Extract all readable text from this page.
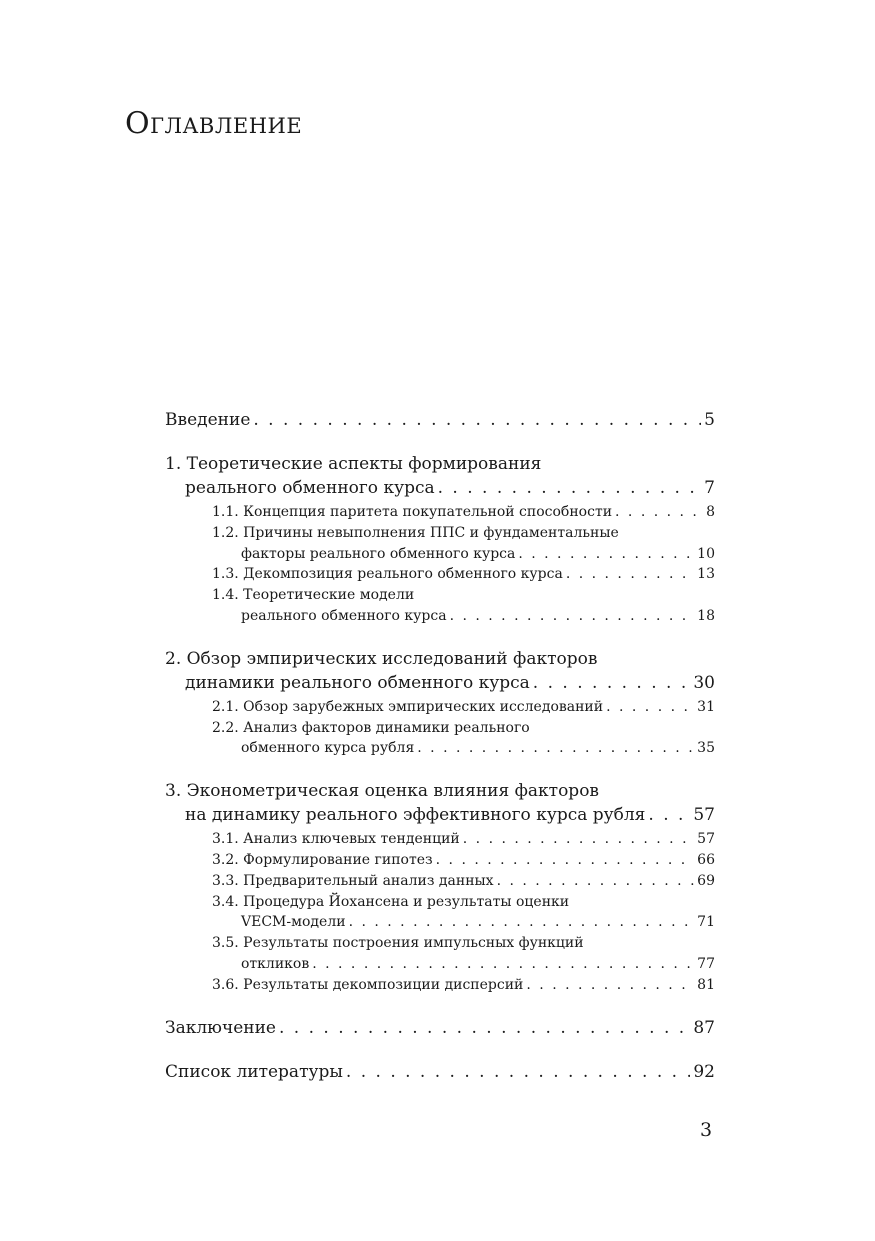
Оглавление
Введение . . .	5
1. Теоретические аспекты формирования
реального обменного курса . . .	7
1.1. Концепция паритета покупательной способности . . .	8
1.2. Причины невыполнения ППС и фундаментальные
факторы реального обменного курса . . .	10
1.3. Декомпозиция реального обменного курса . . .	13
1.4. Теоретические модели
реального обменного курса . . .	18
2. Обзор эмпирических исследований факторов
динамики реального обменного курса . . .	30
2.1. Обзор зарубежных эмпирических исследований . . .	31
2.2. Анализ факторов динамики реального
обменного курса рубля . . .	35
3. Эконометрическая оценка влияния факторов
на динамику реального эффективного курса рубля . . .	57
3.1. Анализ ключевых тенденций . . .	57
3.2. Формулирование гипотез . . .	66
3.3. Предварительный анализ данных . . .	69
3.4. Процедура Йохансена и результаты оценки
VECM-модели . . .	71
3.5. Результаты построения импульсных функций
откликов . . .	77
3.6. Результаты декомпозиции дисперсий . . .	81
Заключение . . .	87
Список литературы . . .	92
3
